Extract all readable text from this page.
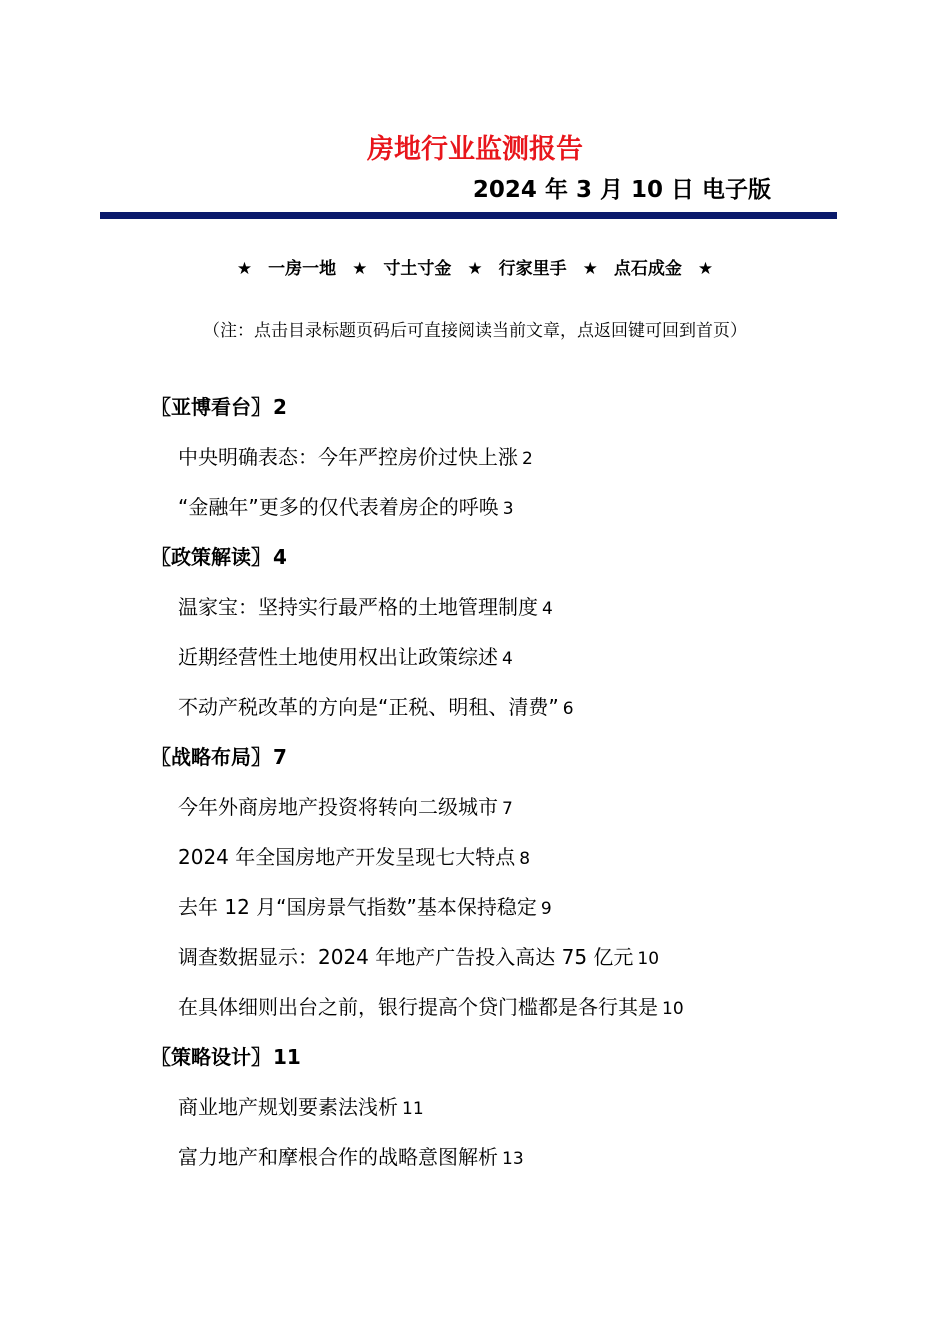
房地行业监测报告
2024 年 3 月 10 日 电子版
★ 一房一地 ★ 寸土寸金 ★ 行家里手 ★ 点石成金 ★
（注：点击目录标题页码后可直接阅读当前文章，点返回键可回到首页）
〖亚博看台〗 2
中央明确表态：今年严控房价过快上涨 2
“金融年”更多的仅代表着房企的呼唤 3
〖政策解读〗 4
温家宝：坚持实行最严格的土地管理制度 4
近期经营性土地使用权出让政策综述 4
不动产税改革的方向是“正税、明租、清费” 6
〖战略布局〗 7
今年外商房地产投资将转向二级城市 7
2024 年全国房地产开发呈现七大特点 8
去年 12 月“国房景气指数”基本保持稳定 9
调查数据显示：2024 年地产广告投入高达 75 亿元 10
在具体细则出台之前，银行提高个贷门槛都是各行其是 10
〖策略设计〗 11
商业地产规划要素法浅析 11
富力地产和摩根合作的战略意图解析 13
